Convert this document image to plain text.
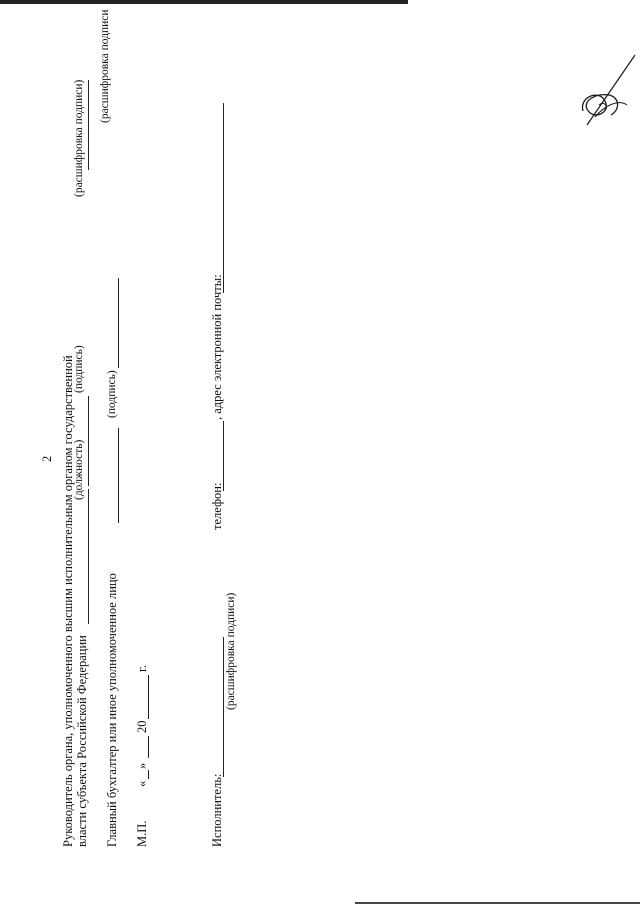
2 Руководитель органа, уполномоченного высшим исполнительным органом государственной власти субъекта Российской Федерации
(должность)
(подпись)
(расшифровка подписи)
Главный бухгалтер или иное уполномоченное лицо
(подпись)
(расшифровка подписи
М.П.
«
»
20
г.
Исполнитель:
(расшифровка подписи)
телефон:
, адрес электронной почты:
